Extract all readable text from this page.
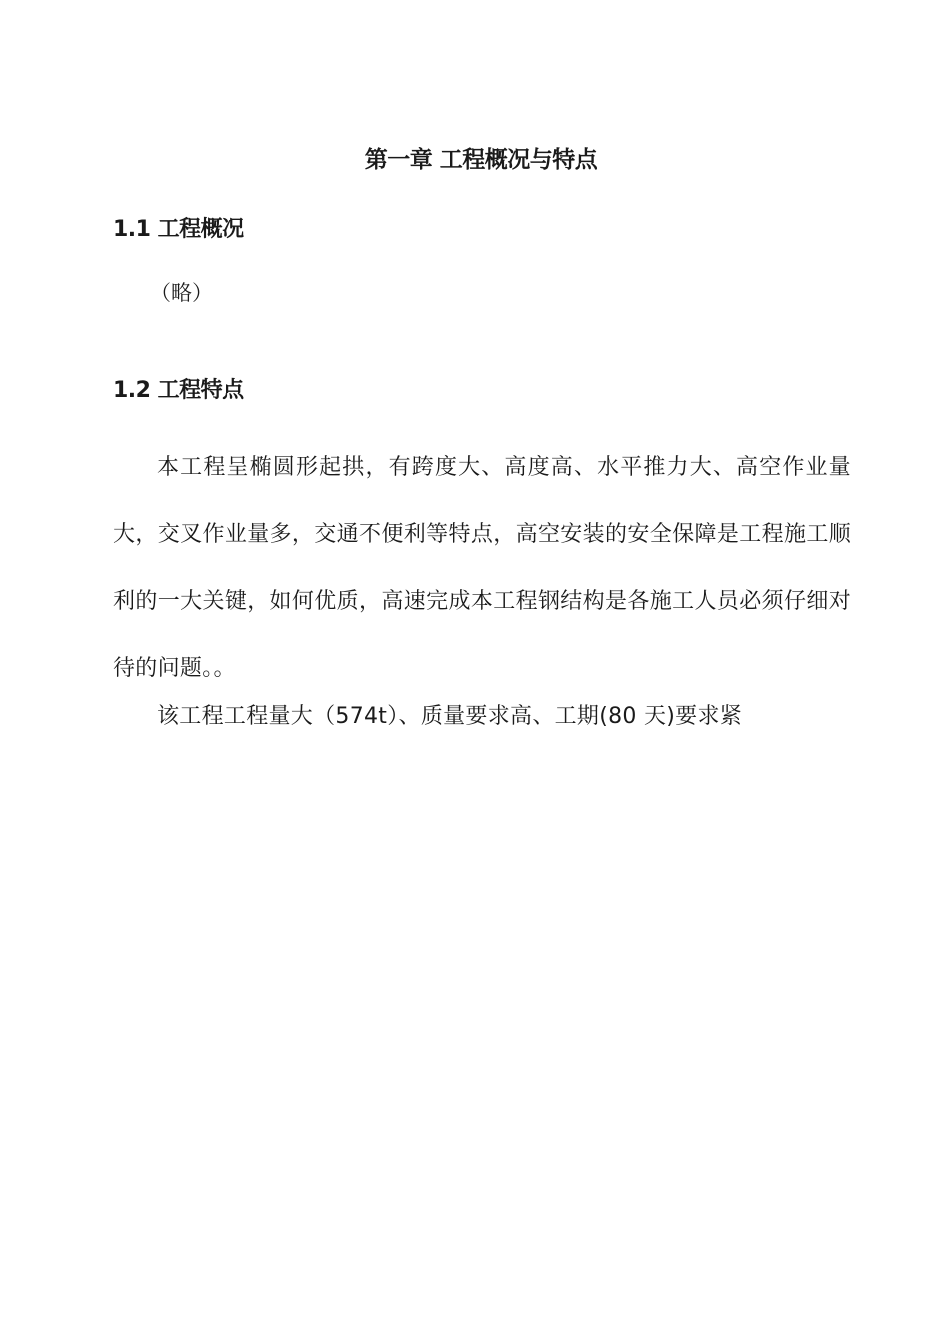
第一章 工程概况与特点
1.1 工程概况
（略）
1.2 工程特点
本工程呈椭圆形起拱，有跨度大、高度高、水平推力大、高空作业量大，交叉作业量多，交通不便利等特点，高空安装的安全保障是工程施工顺利的一大关键，如何优质，高速完成本工程钢结构是各施工人员必须仔细对待的问题。。
该工程工程量大（574t）、质量要求高、工期(80 天)要求紧
